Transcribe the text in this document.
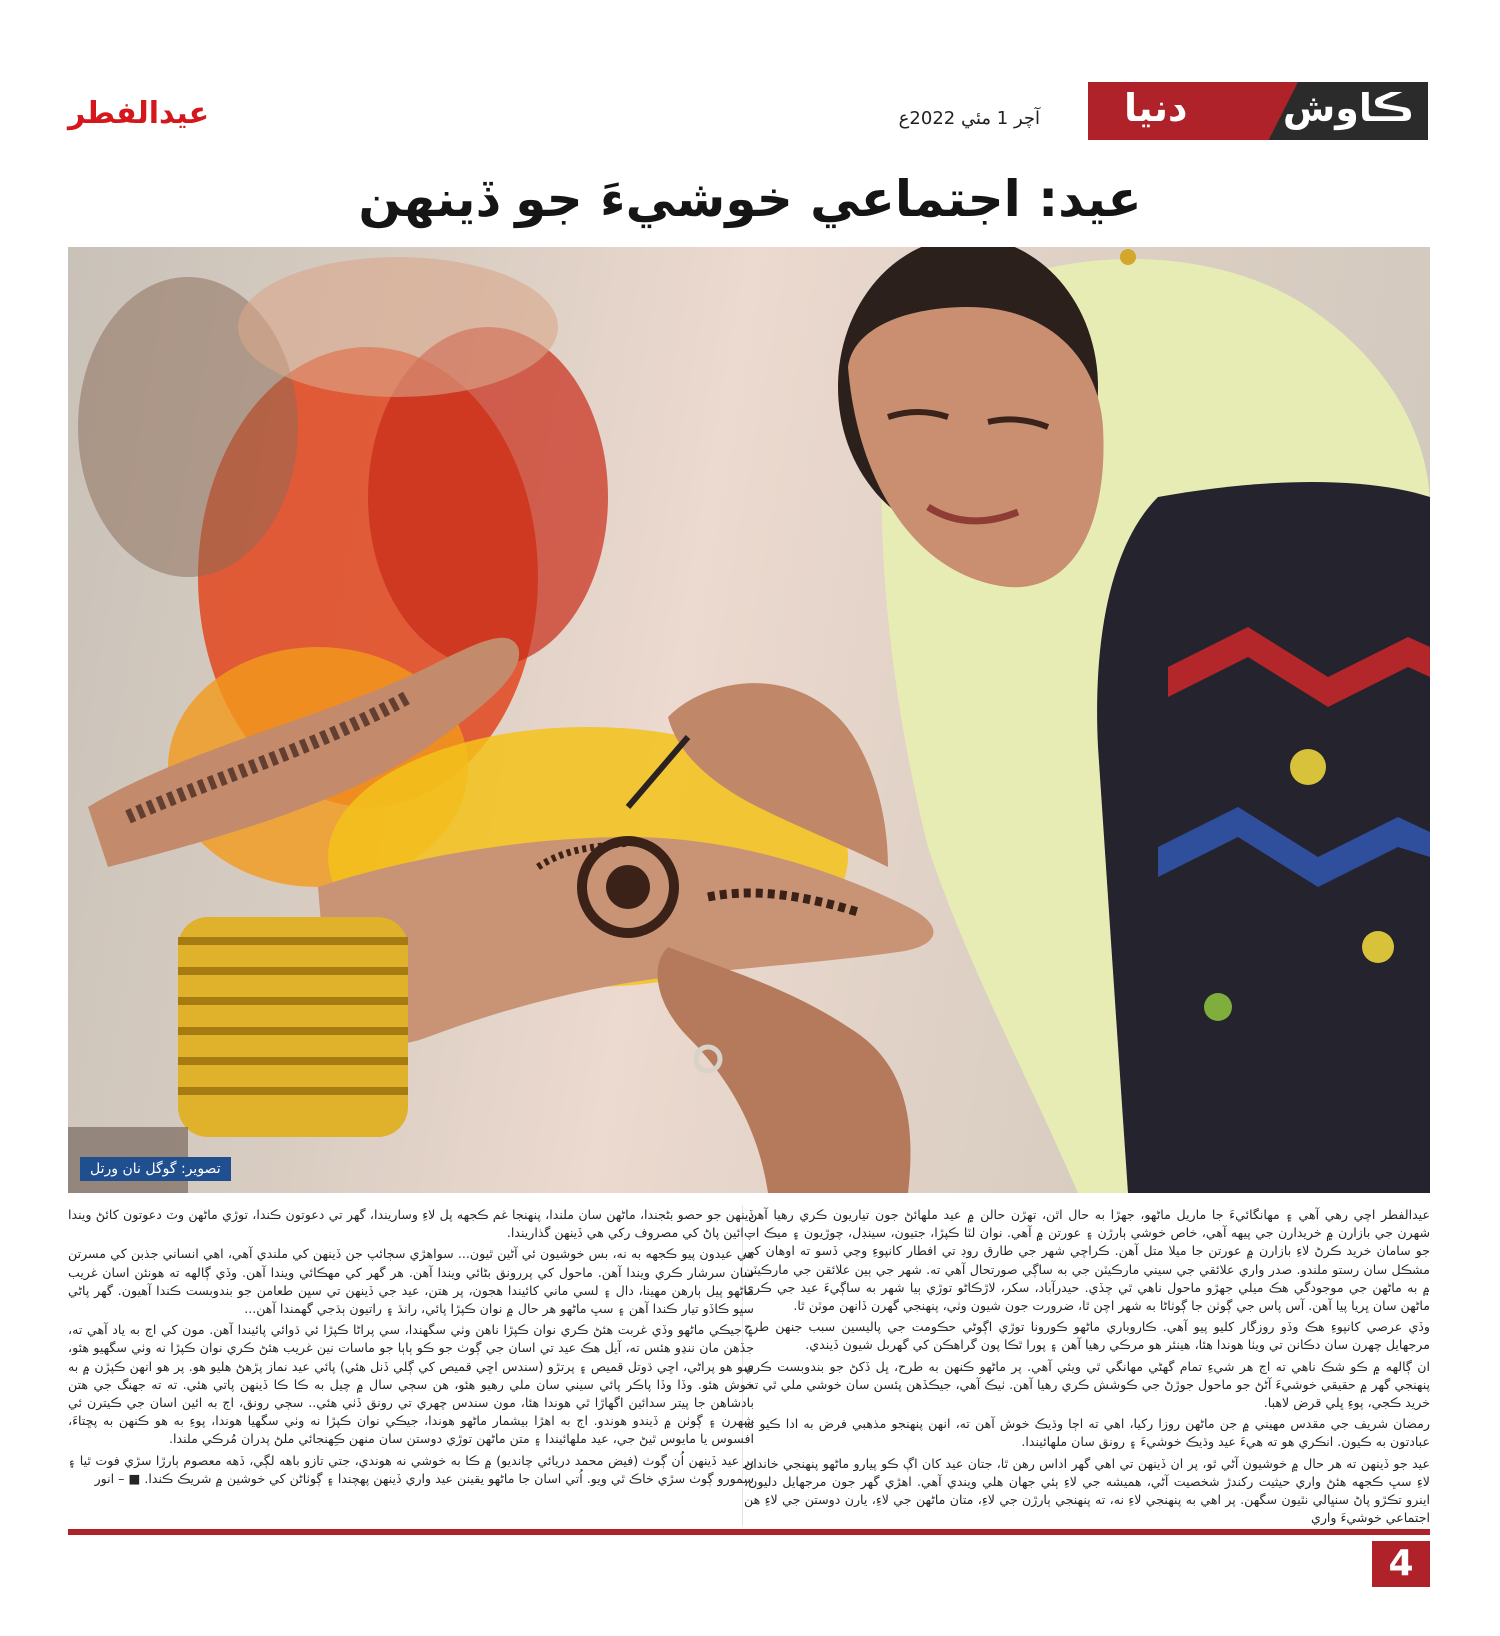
دنيا	ڪاوش
آچر 1 مئي 2022ع
عيدالفطر
عيد: اجتماعي خوشيءَ جو ڏينهن
تصوير: گوگل نان ورتل

عيدالفطر اچي رهي آهي ۽ مهانگائيءَ جا ماريل ماڻهو، جهڙا به حال اٿن، تهڙن حالن ۾ عيد ملهائڻ جون تياريون ڪري رهيا آهن. شهرن جي بازارن ۾ خريدارن جي پيهه آهي، خاص خوشي ٻارڙن ۽ عورتن ۾ آهي. نوان لٽا ڪپڙا، جتيون، سينڊل، چوڙيون ۽ ميڪ اپ جو سامان خريد ڪرڻ لاءِ بازارن ۾ عورتن جا ميلا متل آهن. ڪراچي شهر جي طارق روڊ تي افطار کانپوءِ وڃي ڏسو ته اوهان کي مشڪل سان رستو ملندو. صدر واري علائقي جي سيني مارڪيٽن جي به ساڳي صورتحال آهي ته. شهر جي ٻين علائقن جي مارڪيٽن ۾ به ماڻهن جي موجودگي هڪ ميلي جهڙو ماحول ناهي ٿي چڏي. حيدرآباد، سکر، لاڙڪاڻو توڙي ٻيا شهر به ساڳيءَ عيد جي ڪري ماڻهن سان ڀريا پيا آهن. آس پاس جي ڳوٺن جا ڳوٺاڻا به شهر اچن ٿا، ضرورت جون شيون وٺي، پنهنجي گهرن ڏانهن موٽن ٿا.

وڏي عرصي کانپوءِ هڪ وڏو روزگار کليو پيو آهي. ڪاروباري ماڻهو ڪورونا توڙي اڳوڻي حڪومت جي پاليسين سبب جنهن طرح مرجهايل چهرن سان دڪانن تي ويٺا هوندا هئا، هينئر هو مرڪي رهيا آهن ۽ پورا ٿڪا پون گراهڪن کي گهربل شيون ڏيندي.

ان ڳالهه ۾ ڪو شڪ ناهي ته اڄ هر شيءِ تمام گهڻي مهانگي ٿي ويئي آهي. پر ماڻهو ڪنهن به طرح، ڀل ڏکڻ جو بندوبست ڪري پنهنجي گهر ۾ حقيقي خوشيءَ آڻڻ جو ماحول جوڙڻ جي ڪوشش ڪري رهيا آهن. ٺيڪ آهي، جيڪڏهن پئسن سان خوشي ملي ٿي ته، خريد ڪجي، پوءِ ڀلي قرض لاهبا.

رمضان شريف جي مقدس مهيني ۾ جن ماڻهن روزا رکيا، اهي ته اڄا وڌيڪ خوش آهن ته، انهن پنهنجو مذهبي فرض به ادا ڪيو ته عبادتون به ڪيون. انڪري هو ته هيءَ عيد وڌيڪ خوشيءَ ۽ رونق سان ملهائيندا.

عيد جو ڏينهن ته هر حال ۾ خوشيون آڻي ٿو، پر ان ڏينهن تي اهي گهر اداس رهن ٿا، جتان عيد کان اڳ ڪو پيارو ماڻهو پنهنجي خاندان لاءِ سڀ ڪجهه هئڻ واري حيثيت رکندڙ شخصيت آڻي، هميشه جي لاءِ ٻئي جهان هلي ويندي آهي. اهڙي گهر جون مرجهايل دليون، اينرو تڪڙو پاڻ سنڀالي نٿيون سگهن. پر اهي به پنهنجي لاءِ نه، ته پنهنجي ٻارڙن جي لاءِ، متان ماڻهن جي لاءِ، يارن دوستن جي لاءِ هن اجتماعي خوشيءَ واري

ڏينهن جو حصو بڻجندا، ماڻهن سان ملندا، پنهنجا غم ڪجهه پل لاءِ وساريندا، گهر تي دعوتون ڪندا، توڙي ماڻهن وٽ دعوتون کائڻ ويندا – ائين پاڻ کي مصروف رکي هي ڏينهن گذاريندا.

هي عيدون پيو ڪجهه به نه، بس خوشيون ئي آڻين ٿيون... سواهڙي سڄائپ جن ڏينهن کي ملندي آهي، اهي انساني جذبن کي مسرتن سان سرشار ڪري ويندا آهن. ماحول کي پررونق بڻائي ويندا آهن. هر گهر کي مهڪائي ويندا آهن. وڏي ڳالهه ته هونئن اسان غريب ماڻهو پيل ٻارهن مهينا، دال ۽ لسي ماني کائيندا هجون، پر هتن، عيد جي ڏينهن تي سڀن طعامن جو بندوبست ڪندا آهيون. گهر پاڻي سڀو ڪاڏو تيار ڪندا آهن ۽ سڀ ماڻهو هر حال ۾ نوان ڪپڙا پائي، رانڌ ۽ راتيون ٻڌجي گهمندا آهن...

۽ جيڪي ماڻهو وڏي غربت هئڻ ڪري نوان ڪپڙا ناهن وٺي سگهندا، سي پراڻا ڪپڙا ئي ڌوائي پائيندا آهن. مون کي اڄ به ياد آهي ته، جڏهن مان ننڍو هئس ته، آيل هڪ عيد تي اسان جي ڳوٺ جو ڪو ٻاٻا جو ماسات نين غريب هئڻ ڪري نوان ڪپڙا نه وٺي سگهيو هئو، سو هو پراڻي، اڇي ڌوتل قميص ۽ پرتڙو (سندس اڇي قميص کي ڳلي ڏنل هئي) پائي عيد نماز پڙهڻ هليو هو. پر هو انهن ڪپڙن ۾ به خوش هئو. وڏا وڏا پاڪر پائي سيني سان ملي رهيو هئو، هن سڄي سال ۾ چيل به ڪا ڪا ڏينهن پاتي هئي. ته ته جهنگ جي هتن بادشاهن جا پيتر سدائين اگهاڙا ٿي هوندا هئا، مون سندس چهري تي رونق ڏٺي هئي.. سڄي رونق، اڄ به ائين اسان جي ڪيترن ئي شهرن ۽ ڳوٺن ۾ ڏيندو هوندو. اڄ به اهڙا بيشمار ماڻهو هوندا، جيڪي نوان ڪپڙا نه وٺي سگهيا هوندا، پوءِ به هو ڪنهن به پڇتاءَ، افسوس يا مايوس ٿيڻ جي، عيد ملهائيندا ۽ متن ماڻهن توڙي دوستن سان منهن ڪِهنجائي ملڻ پدران مُرڪي ملندا.

پر عيد ڏينهن اُن ڳوٺ (فيض محمد دريائي چانديو) ۾ ڪا به خوشي نه هوندي، جتي تازو باهه لڳي، ڏهه معصوم ٻارڙا سڙي فوت ٿيا ۽ سمورو ڳوٺ سڙي خاڪ ٿي ويو. اُتي اسان جا ماڻهو يقينن عيد واري ڏينهن پهچندا ۽ ڳوٺاڻن کي خوشين ۾ شريڪ ڪندا. ■ – انور

4
